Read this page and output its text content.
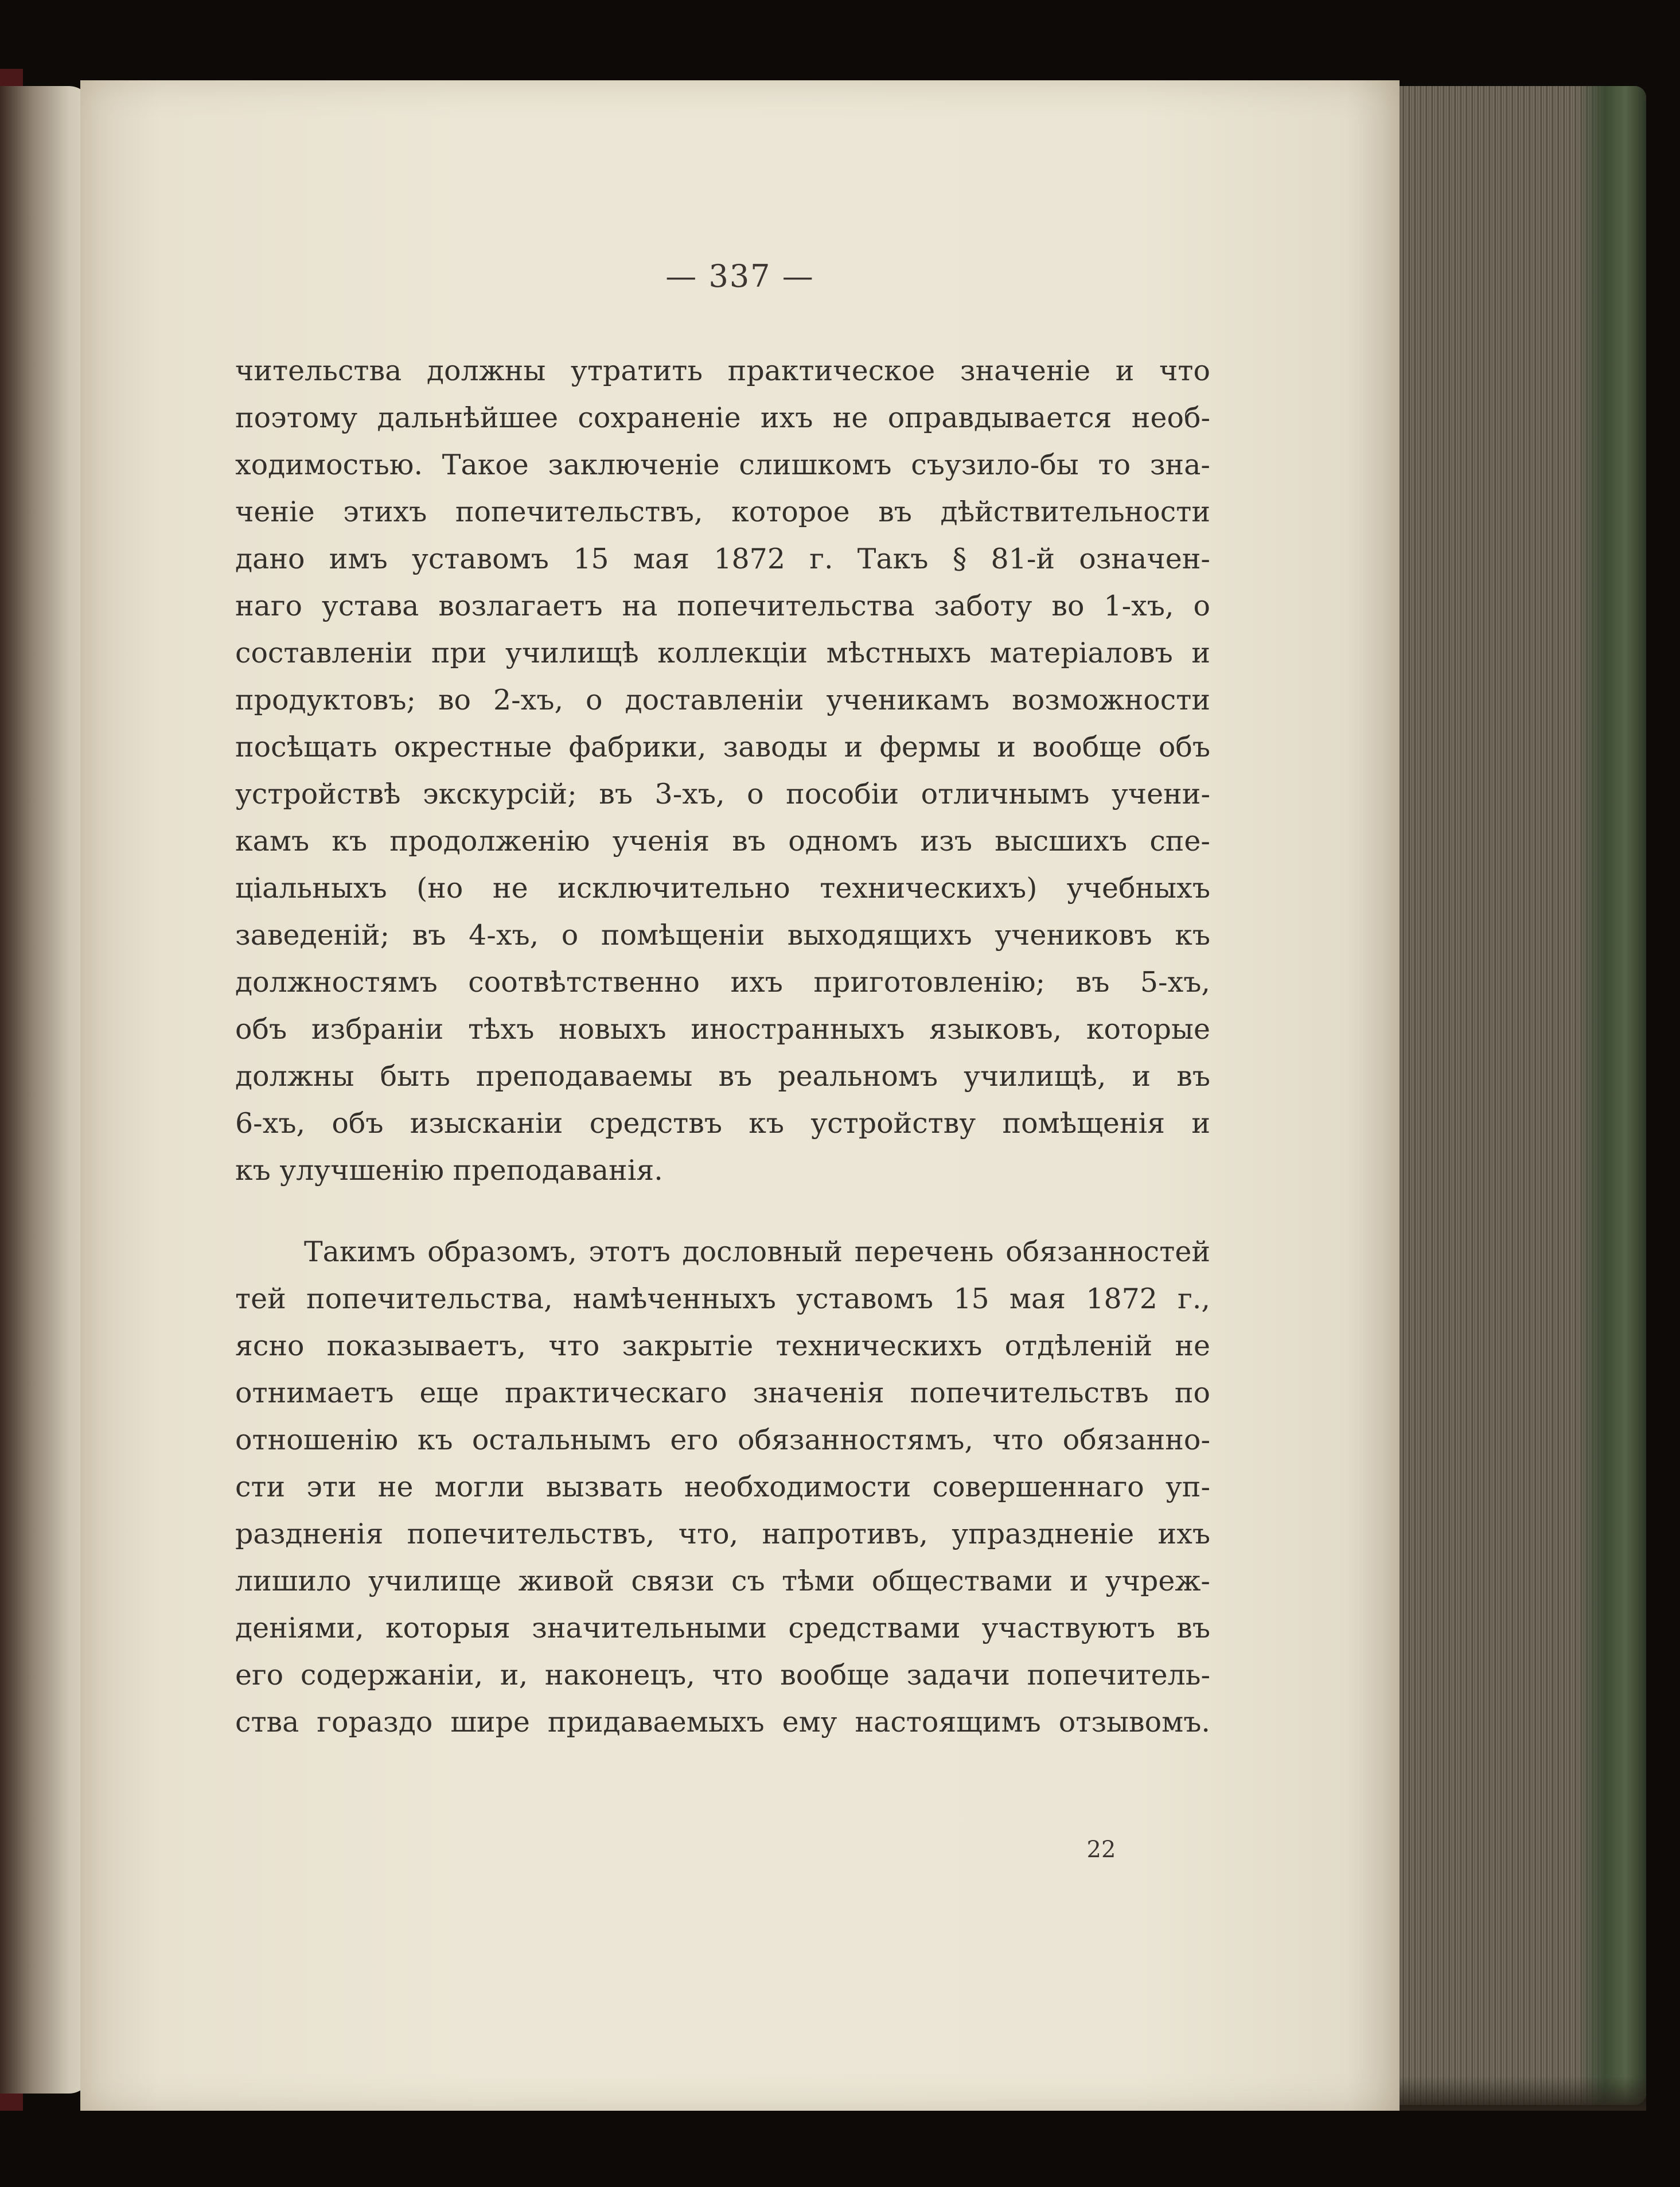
— 337 —
чительства должны утратить практическое значеніе и что
поэтому дальнѣйшее сохраненіе ихъ не оправдывается необ-
ходимостью. Такое заключеніе слишкомъ съузило-бы то зна-
ченіе этихъ попечительствъ, которое въ дѣйствительности
дано имъ уставомъ 15 мая 1872 г. Такъ § 81-й означен-
наго устава возлагаетъ на попечительства заботу во 1-хъ, о
составленіи при училищѣ коллекціи мѣстныхъ матеріаловъ и
продуктовъ; во 2-хъ, о доставленіи ученикамъ возможности
посѣщать окрестные фабрики, заводы и фермы и вообще объ
устройствѣ экскурсій; въ 3-хъ, о пособіи отличнымъ учени-
камъ къ продолженію ученія въ одномъ изъ высшихъ спе-
ціальныхъ (но не исключительно техническихъ) учебныхъ
заведеній; въ 4-хъ, о помѣщеніи выходящихъ учениковъ къ
должностямъ соотвѣтственно ихъ приготовленію; въ 5-хъ,
объ избраніи тѣхъ новыхъ иностранныхъ языковъ, которые
должны быть преподаваемы въ реальномъ училищѣ, и въ
6-хъ, объ изысканіи средствъ къ устройству помѣщенія и
къ улучшенію преподаванія.
Такимъ образомъ, этотъ дословный перечень обязанностей
тей попечительства, намѣченныхъ уставомъ 15 мая 1872 г.,
ясно показываетъ, что закрытіе техническихъ отдѣленій не
отнимаетъ еще практическаго значенія попечительствъ по
отношенію къ остальнымъ его обязанностямъ, что обязанно-
сти эти не могли вызвать необходимости совершеннаго уп-
раздненія попечительствъ, что, напротивъ, упраздненіе ихъ
лишило училище живой связи съ тѣми обществами и учреж-
деніями, которыя значительными средствами участвуютъ въ
его содержаніи, и, наконецъ, что вообще задачи попечитель-
ства гораздо шире придаваемыхъ ему настоящимъ отзывомъ.
22
